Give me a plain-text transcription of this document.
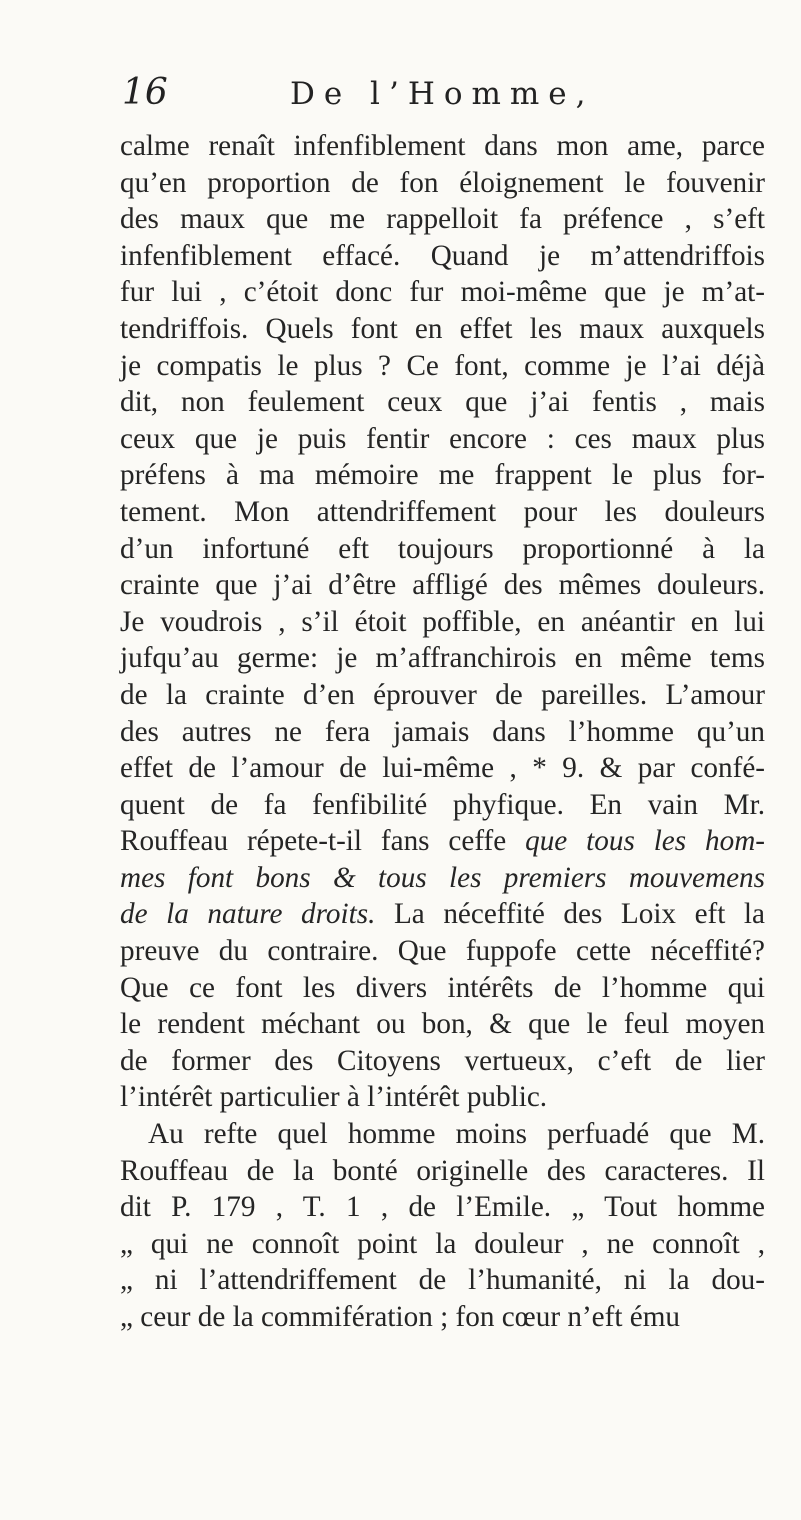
16	De l’Homme,
calme renaît infenfiblement dans mon ame, parce
qu’en proportion de fon éloignement le fouvenir
des maux que me rappelloit fa préfence , s’eft
infenfiblement effacé. Quand je m’attendriffois
fur lui , c’étoit donc fur moi-même que je m’at-
tendriffois. Quels font en effet les maux auxquels
je compatis le plus ? Ce font, comme je l’ai déjà
dit, non feulement ceux que j’ai fentis , mais
ceux que je puis fentir encore : ces maux plus
préfens à ma mémoire me frappent le plus for-
tement. Mon attendriffement pour les douleurs
d’un infortuné eft toujours proportionné à la
crainte que j’ai d’être affligé des mêmes douleurs.
Je voudrois , s’il étoit poffible, en anéantir en lui
jufqu’au germe: je m’affranchirois en même tems
de la crainte d’en éprouver de pareilles. L’amour
des autres ne fera jamais dans l’homme qu’un
effet de l’amour de lui-même , * 9. & par confé-
quent de fa fenfibilité phyfique. En vain Mr.
Rouffeau répete-t-il fans ceffe que tous les hom-
mes font bons & tous les premiers mouvemens
de la nature droits. La néceffité des Loix eft la
preuve du contraire. Que fuppofe cette néceffité?
Que ce font les divers intérêts de l’homme qui
le rendent méchant ou bon, & que le feul moyen
de former des Citoyens vertueux, c’eft de lier
l’intérêt particulier à l’intérêt public.
Au refte quel homme moins perfuadé que M.
Rouffeau de la bonté originelle des caracteres. Il
dit P. 179 , T. 1 , de l’Emile. „ Tout homme
„ qui ne connoît point la douleur , ne connoît ,
„ ni l’attendriffement de l’humanité, ni la dou-
„ ceur de la commifération ; fon cœur n’eft ému
